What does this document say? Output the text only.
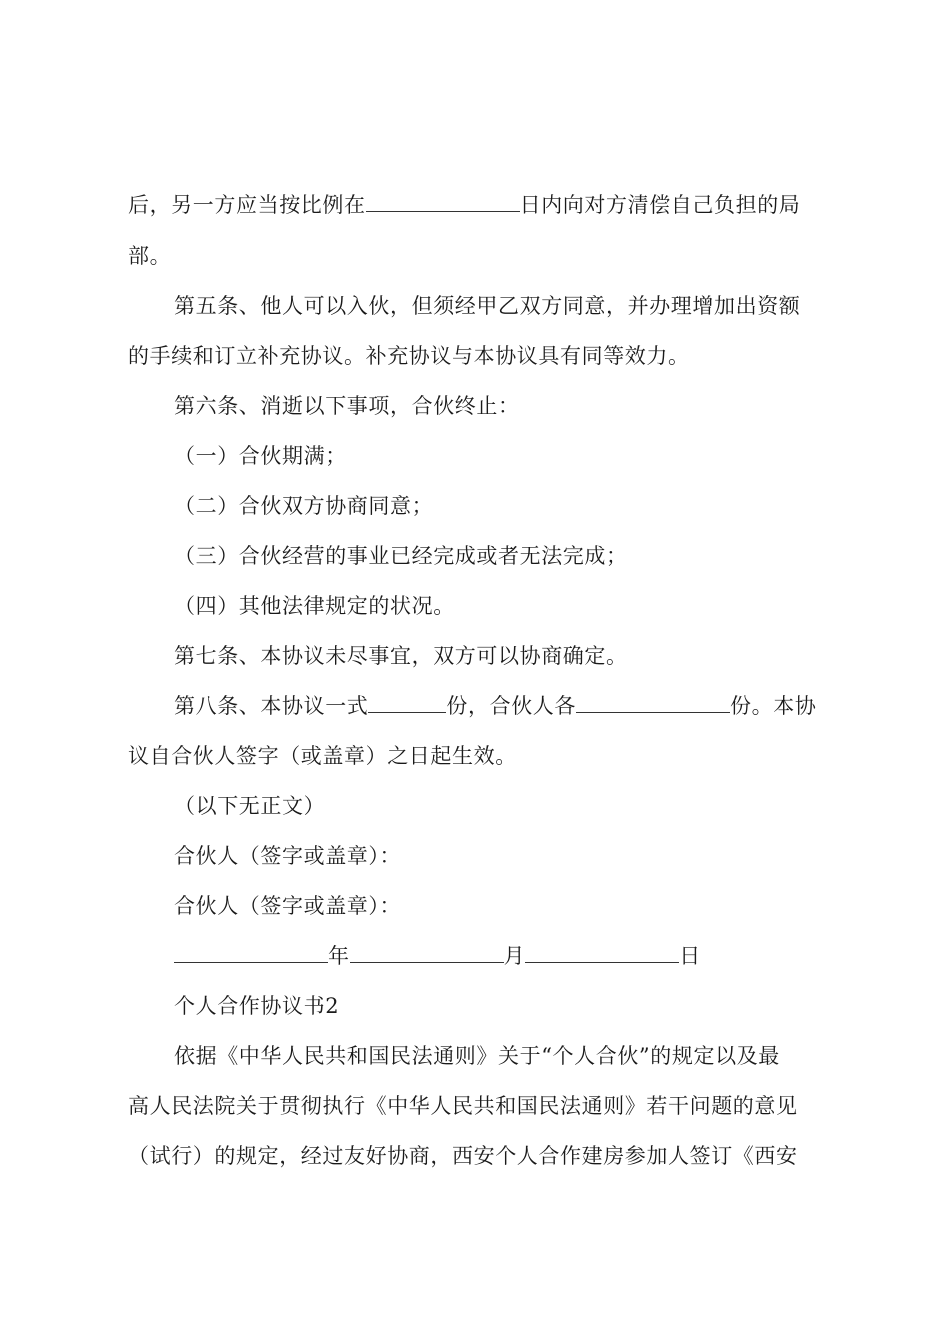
后，另一方应当按比例在	日内向对方清偿自己负担的局
部。
第五条、他人可以入伙，但须经甲乙双方同意，并办理增加出资额
的手续和订立补充协议。补充协议与本协议具有同等效力。
第六条、消逝以下事项，合伙终止：
（一）合伙期满；
（二）合伙双方协商同意；
（三）合伙经营的事业已经完成或者无法完成；
（四）其他法律规定的状况。
第七条、本协议未尽事宜，双方可以协商确定。
第八条、本协议一式	份，合伙人各	份。本协
议自合伙人签字（或盖章）之日起生效。
（以下无正文）
合伙人（签字或盖章）：
合伙人（签字或盖章）：
年	月	日
个人合作协议书2
依据《中华人民共和国民法通则》关于“个人合伙”的规定以及最
高人民法院关于贯彻执行《中华人民共和国民法通则》若干问题的意见
（试行）的规定，经过友好协商，西安个人合作建房参加人签订《西安
